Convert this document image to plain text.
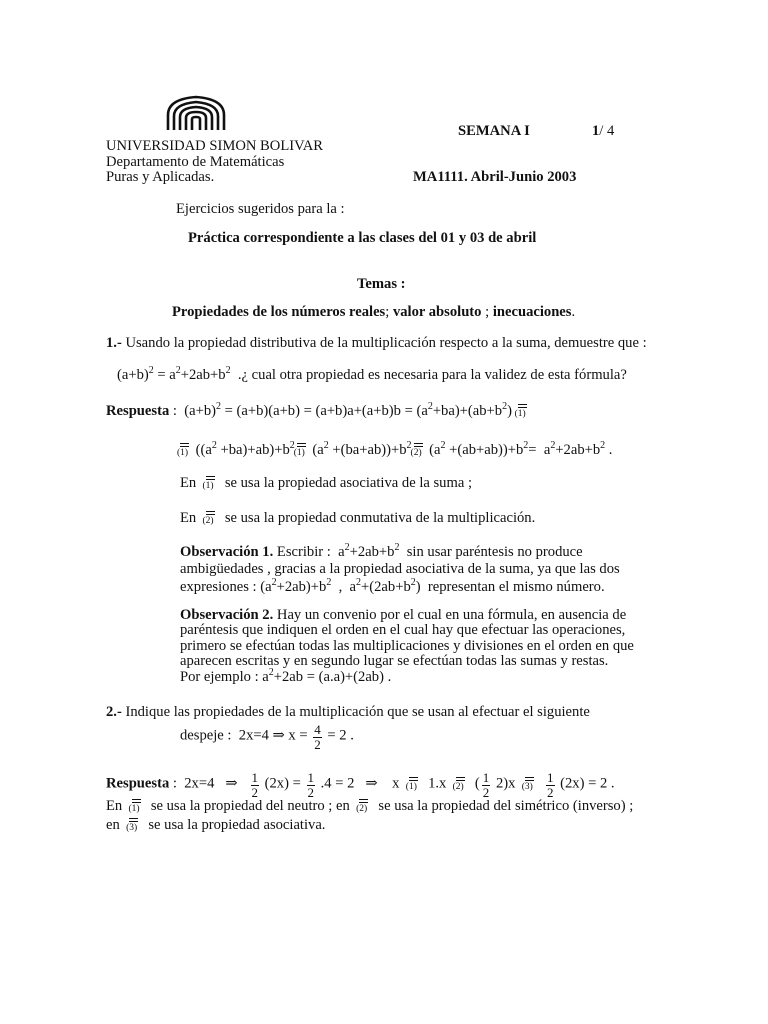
UNIVERSIDAD SIMON BOLIVAR
Departamento de Matemáticas
Puras y Aplicadas.
SEMANA I	1/ 4
MA1111. Abril-Junio 2003
Ejercicios sugeridos para la :
Práctica correspondiente a las clases del 01 y 03 de abril
Temas :
Propiedades de los números reales; valor absoluto ; inecuaciones.
1.- Usando la propiedad distributiva de la multiplicación respecto a la suma, demuestre que :
$(a+b)^2 = a^2+2ab+b^2$ .¿ cual otra propiedad es necesaria para la validez de esta fórmula?
Respuesta :  $(a+b)^2 = (a+b)(a+b) = (a+b)a+(a+b)b = (a^2+ba)+(ab+b^2)$ (1)
(1) $((a^2 +ba)+ab)+b^2$
(1) $(a^2 +(ba+ab))+b^2$
(2) $(a^2 +(ab+ab))+b^2= a^2+2ab+b^2$ .
En (1) se usa la propiedad asociativa de la suma ;
En (2) se usa la propiedad conmutativa de la multiplicación.
Observación 1. Escribir :  $a^2+2ab+b^2$ sin usar paréntesis no produce
ambigüedades , gracias a la propiedad asociativa de la suma, ya que las dos
expresiones : $(a^2+2ab)+b^2$  ,  $a^2+(2ab+b^2)$  representan el mismo número.
Observación 2. Hay un convenio por el cual en una fórmula, en ausencia de
paréntesis que indiquen el orden en el cual hay que efectuar las operaciones,
primero se efectúan todas las multiplicaciones y divisiones en el orden en que
aparecen escritas y en segundo lugar se efectúan todas las sumas y restas.
Por ejemplo : $a^2+2ab = (a.a)+(2ab)$ .
2.- Indique las propiedades de la multiplicación que se usan al efectuar el siguiente
despeje :  2x=4 ⇒ $x = \frac{4}{2} = 2$ .
Respuesta :  2x=4   ⇒ $\frac{1}{2} (2x) = \frac{1}{2} .4 = 2$   ⇒    x (1) 1.x (2) ( $\frac{1}{2} 2)x$ (3)
$\frac{1}{2} (2x) = 2$ .
En (1) se usa la propiedad del neutro ; en (2) se usa la propiedad del simétrico (inverso) ;
en (3) se usa la propiedad asociativa.
